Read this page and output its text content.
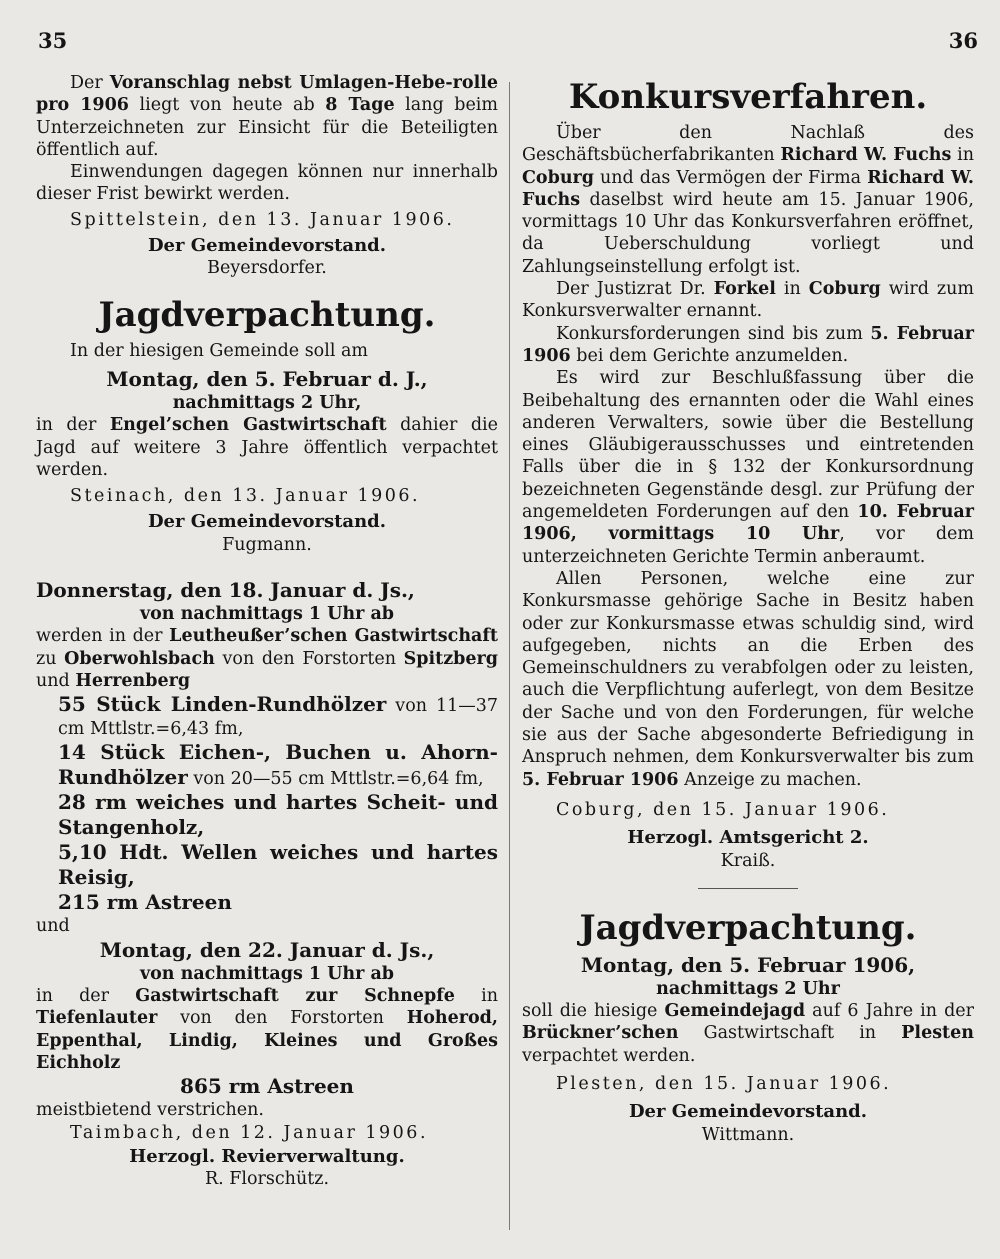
35	36

Der Voranschlag nebst Umlagen-Hebe-rolle pro 1906 liegt von heute ab 8 Tage lang beim Unterzeichneten zur Einsicht für die Beteiligten öffentlich auf.

Einwendungen dagegen können nur innerhalb dieser Frist bewirkt werden.

Spittelstein, den 13. Januar 1906.

Der Gemeindevorstand.

Beyersdorfer.

Jagdverpachtung.

In der hiesigen Gemeinde soll am

Montag, den 5. Februar d. J.,

nachmittags 2 Uhr,

in der Engel’schen Gastwirtschaft dahier die Jagd auf weitere 3 Jahre öffentlich verpachtet werden.

Steinach, den 13. Januar 1906.

Der Gemeindevorstand.

Fugmann.

Donnerstag, den 18. Januar d. Js.,

von nachmittags 1 Uhr ab

werden in der Leutheußer’schen Gastwirtschaft zu Oberwohlsbach von den Forstorten Spitzberg und Herrenberg

55 Stück Linden-Rundhölzer von 11—37 cm Mttlstr.=6,43 fm,

14 Stück Eichen-, Buchen u. Ahorn-Rundhölzer von 20—55 cm Mttlstr.=6,64 fm,

28 rm weiches und hartes Scheit- und Stangenholz,

5,10 Hdt. Wellen weiches und hartes Reisig,

215 rm Astreen

und

Montag, den 22. Januar d. Js.,

von nachmittags 1 Uhr ab

in der Gastwirtschaft zur Schnepfe in Tiefenlauter von den Forstorten Hoherod, Eppenthal, Lindig, Kleines und Großes Eichholz

865 rm Astreen

meistbietend verstrichen.

Taimbach, den 12. Januar 1906.

Herzogl. Revierverwaltung.

R. Florschütz.

Konkursverfahren.

Über den Nachlaß des Geschäftsbücherfabrikanten Richard W. Fuchs in Coburg und das Vermögen der Firma Richard W. Fuchs daselbst wird heute am 15. Januar 1906, vormittags 10 Uhr das Konkursverfahren eröffnet, da Ueberschuldung vorliegt und Zahlungseinstellung erfolgt ist.

Der Justizrat Dr. Forkel in Coburg wird zum Konkursverwalter ernannt.

Konkursforderungen sind bis zum 5. Februar 1906 bei dem Gerichte anzumelden.

Es wird zur Beschlußfassung über die Beibehaltung des ernannten oder die Wahl eines anderen Verwalters, sowie über die Bestellung eines Gläubigerausschusses und eintretenden Falls über die in § 132 der Konkursordnung bezeichneten Gegenstände desgl. zur Prüfung der angemeldeten Forderungen auf den 10. Februar 1906, vormittags 10 Uhr, vor dem unterzeichneten Gerichte Termin anberaumt.

Allen Personen, welche eine zur Konkursmasse gehörige Sache in Besitz haben oder zur Konkursmasse etwas schuldig sind, wird aufgegeben, nichts an die Erben des Gemeinschuldners zu verabfolgen oder zu leisten, auch die Verpflichtung auferlegt, von dem Besitze der Sache und von den Forderungen, für welche sie aus der Sache abgesonderte Befriedigung in Anspruch nehmen, dem Konkursverwalter bis zum 5. Februar 1906 Anzeige zu machen.

Coburg, den 15. Januar 1906.

Herzogl. Amtsgericht 2.

Kraiß.

Jagdverpachtung.

Montag, den 5. Februar 1906,

nachmittags 2 Uhr

soll die hiesige Gemeindejagd auf 6 Jahre in der Brückner’schen Gastwirtschaft in Plesten verpachtet werden.

Plesten, den 15. Januar 1906.

Der Gemeindevorstand.

Wittmann.
